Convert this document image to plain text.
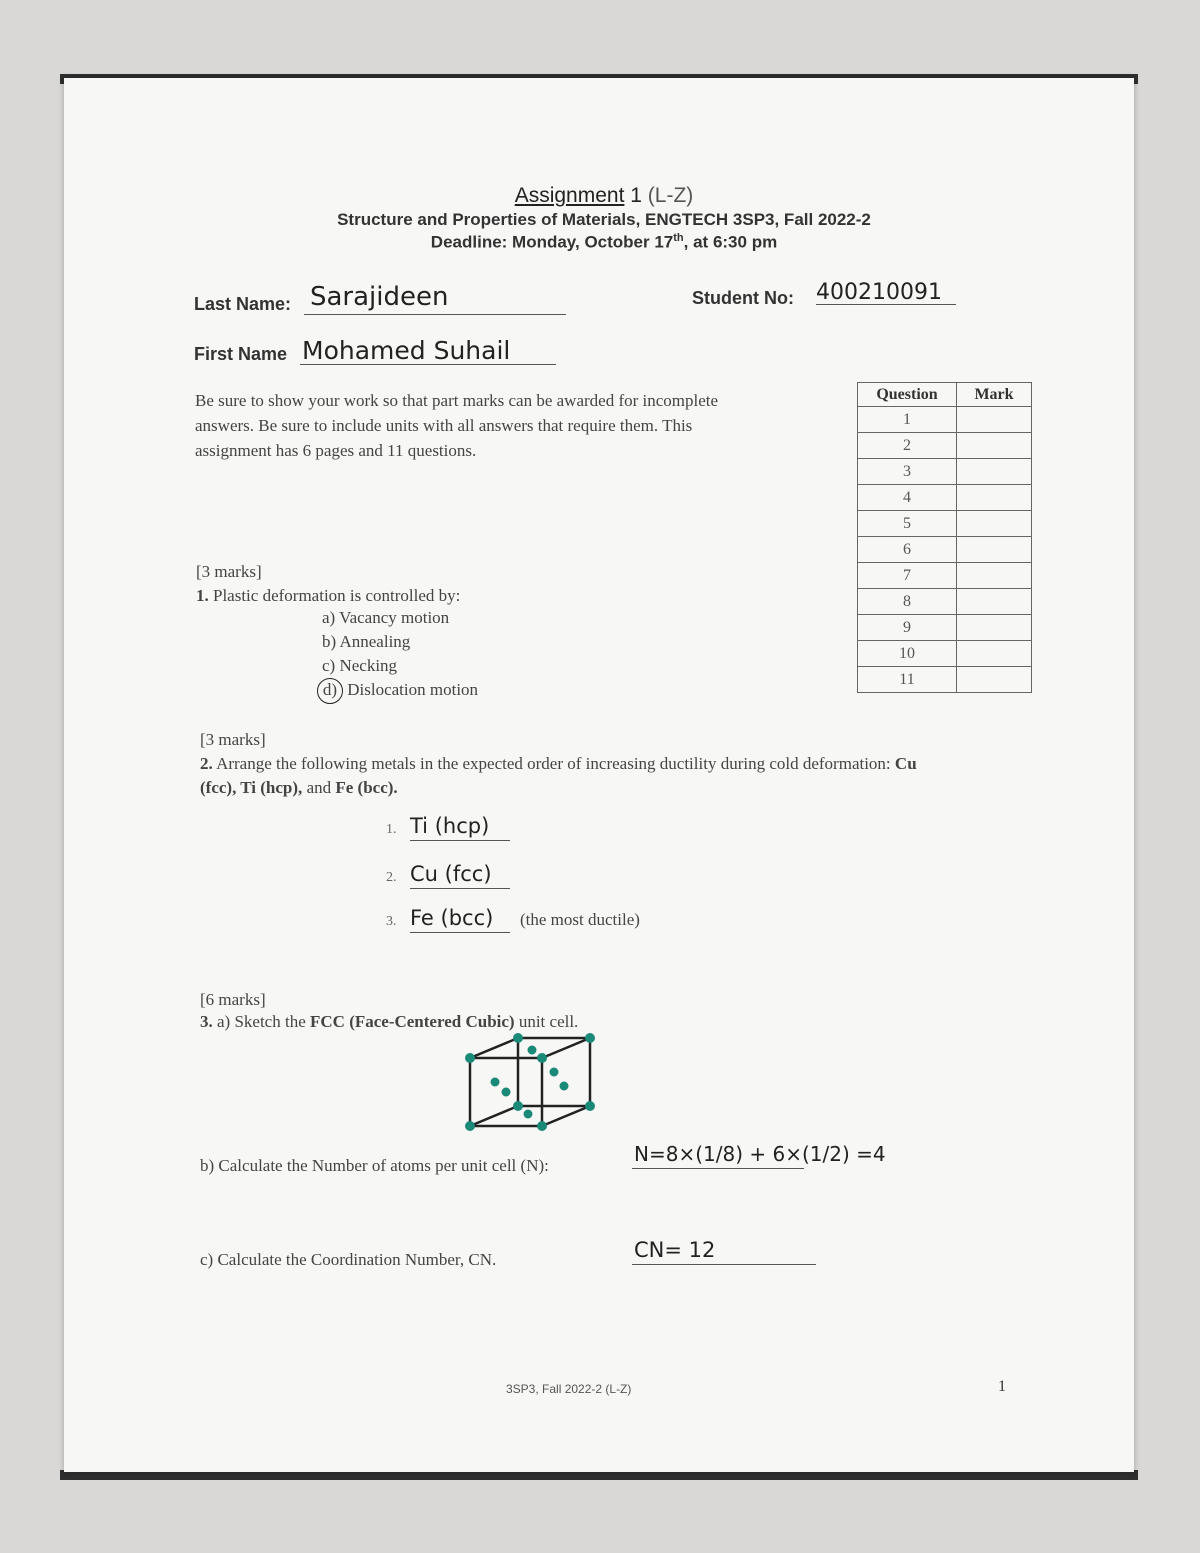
Assignment 1 (L-Z)
Structure and Properties of Materials, ENGTECH 3SP3, Fall 2022-2
Deadline: Monday, October 17th, at 6:30 pm
Last Name: Sarajideen	Student No: 400210091
First Name Mohamed Suhail
Be sure to show your work so that part marks can be awarded for incomplete answers. Be sure to include units with all answers that require them. This assignment has 6 pages and 11 questions.
Question	Mark
1	
2	
3	
4	
5	
6	
7	
8	
9	
10	
11	
[3 marks]
1. Plastic deformation is controlled by:
a) Vacancy motion
b) Annealing
c) Necking
d) Dislocation motion
[3 marks]
2. Arrange the following metals in the expected order of increasing ductility during cold deformation: Cu (fcc), Ti (hcp), and Fe (bcc).
1. Ti (hcp)
2. Cu (fcc)
3. Fe (bcc) (the most ductile)
[6 marks]
3. a) Sketch the FCC (Face-Centered Cubic) unit cell.
b) Calculate the Number of atoms per unit cell (N):	N=8×(1/8) + 6×(1/2) =4
c) Calculate the Coordination Number, CN.	CN= 12
3SP3, Fall 2022-2 (L-Z)	1
